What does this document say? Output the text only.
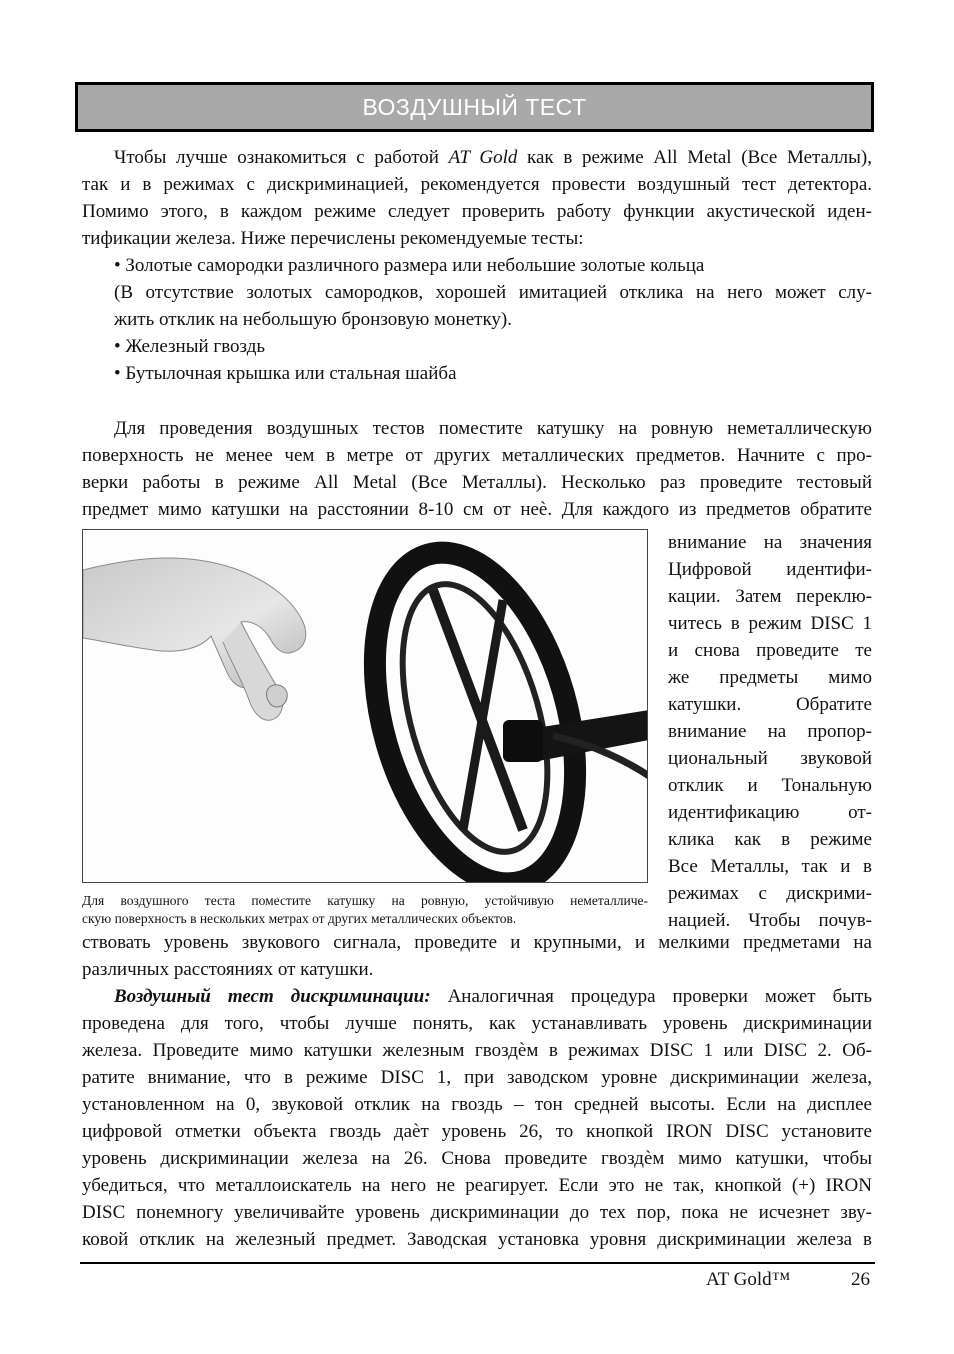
ВОЗДУШНЫЙ ТЕСТ
Чтобы лучше ознакомиться с работой AT Gold как в режиме All Metal (Все Металлы),
так и в режимах с дискриминацией, рекомендуется провести воздушный тест детектора.
Помимо этого, в каждом режиме следует проверить работу функции акустической иден-
тификации железа. Ниже перечислены рекомендуемые тесты:
• Золотые самородки различного размера или небольшие золотые кольца
(В отсутствие золотых самородков, хорошей имитацией отклика на него может слу-
жить отклик на небольшую бронзовую монетку).
• Железный гвоздь
• Бутылочная крышка или стальная шайба
Для проведения воздушных тестов поместите катушку на ровную неметаллическую
поверхность не менее чем в метре от других металлических предметов. Начните с про-
верки работы в режиме All Metal (Все Металлы). Несколько раз проведите тестовый
предмет мимо катушки на расстоянии 8-10 см от неѐ. Для каждого из предметов обратите
Для воздушного теста поместите катушку на ровную, устойчивую неметалличе-
скую поверхность в нескольких метрах от других металлических объектов.
внимание на значения
Цифровой идентифи-
кации. Затем переклю-
читесь в режим DISC 1
и снова проведите те
же предметы мимо
катушки. Обратите
внимание на пропор-
циональный звуковой
отклик и Тональную
идентификацию от-
клика как в режиме
Все Металлы, так и в
режимах с дискрими-
нацией. Чтобы почув-
ствовать уровень звукового сигнала, проведите и крупными, и мелкими предметами на
различных расстояниях от катушки.
Воздушный тест дискриминации: Аналогичная процедура проверки может быть
проведена для того, чтобы лучше понять, как устанавливать уровень дискриминации
железа. Проведите мимо катушки железным гвоздѐм в режимах DISC 1 или DISC 2. Об-
ратите внимание, что в режиме DISC 1, при заводском уровне дискриминации железа,
установленном на 0, звуковой отклик на гвоздь – тон средней высоты. Если на дисплее
цифровой отметки объекта гвоздь даѐт уровень 26, то кнопкой IRON DISC установите
уровень дискриминации железа на 26. Снова проведите гвоздѐм мимо катушки, чтобы
убедиться, что металлоискатель на него не реагирует. Если это не так, кнопкой (+) IRON
DISC понемногу увеличивайте уровень дискриминации до тех пор, пока не исчезнет зву-
ковой отклик на железный предмет. Заводская установка уровня дискриминации железа в
AT Gold™	26
